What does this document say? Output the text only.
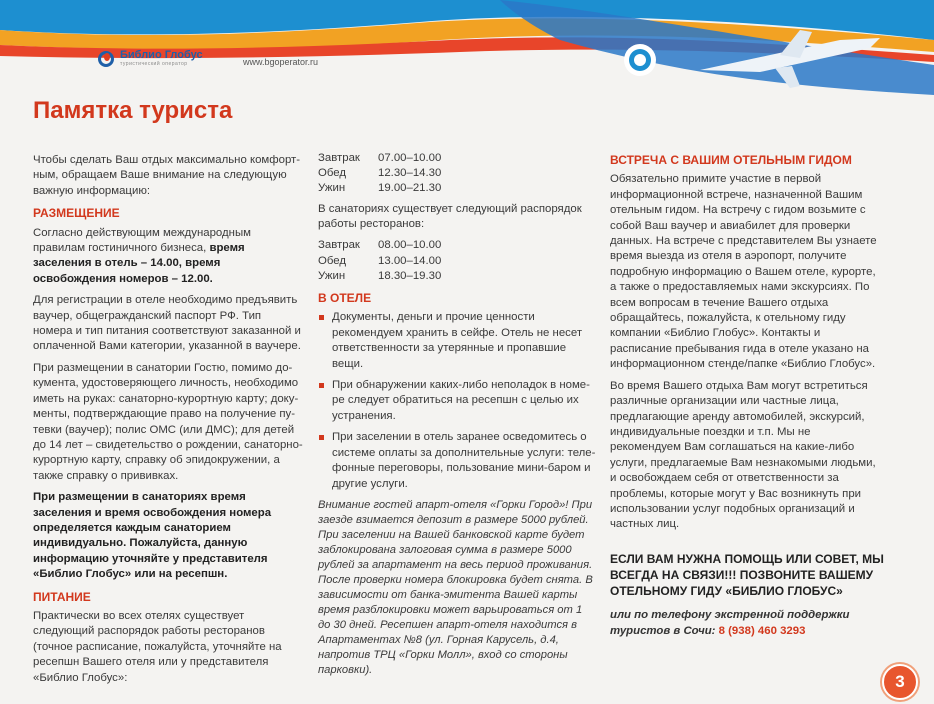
Библио Глобус
туристический оператор	www.bgoperator.ru
Памятка туриста

Чтобы сделать Ваш отдых максимально комфортным, обращаем Ваше внимание на следующую важную информацию:

РАЗМЕЩЕНИЕ

Согласно действующим международным правилам гостиничного бизнеса, время заселения в отель – 14.00, время освобождения номеров – 12.00.

Для регистрации в отеле необходимо предъявить ваучер, общегражданский паспорт РФ. Тип номера и тип питания соответствуют заказанной и оплаченной Вами категории, указанной в ваучере.

При размещении в санатории Гостю, помимо документа, удостоверяющего личность, необходимо иметь на руках: санаторно-курортную карту; документы, подтверждающие право на получение путевки (ваучер); полис ОМС (или ДМС); для детей до 14 лет – свидетельство о рождении, санаторно-курортную карту, справку об эпидокружении, а также справку о прививках.

При размещении в санаториях время заселения и время освобождения номера определяется каждым санаторием индивидуально. Пожалуйста, данную информацию уточняйте у представителя «Библио Глобус» или на ресепшн.

ПИТАНИЕ

Практически во всех отелях существует следующий распорядок работы ресторанов (точное расписание, пожалуйста, уточняйте на ресепшн Вашего отеля или у представителя «Библио Глобус»:

Завтрак	07.00–10.00
Обед	12.30–14.30
Ужин	19.00–21.30

В санаториях существует следующий распорядок работы ресторанов:

Завтрак	08.00–10.00
Обед	13.00–14.00
Ужин	18.30–19.30
В ОТЕЛЕ
Документы, деньги и прочие ценности рекомендуем хранить в сейфе. Отель не несет ответственности за утерянные и пропавшие вещи.
При обнаружении каких-либо неполадок в номере следует обратиться на ресепшн с целью их устранения.
При заселении в отель заранее осведомитесь о системе оплаты за дополнительные услуги: телефонные переговоры, пользование мини-баром и другие услуги.

Внимание гостей апарт-отеля «Горки Город»! При заезде взимается депозит в размере 5000 рублей. При заселении на Вашей банковской карте будет заблокирована залоговая сумма в размере 5000 рублей за апартамент на весь период проживания. После проверки номера блокировка будет снята. В зависимости от банка-эмитента Вашей карты время разблокировки может варьироваться от 1 до 30 дней. Ресепшен апарт-отеля находится в Апартаментах №8 (ул. Горная Карусель, д.4, напротив ТРЦ «Горки Молл», вход со стороны парковки).

ВСТРЕЧА С ВАШИМ ОТЕЛЬНЫМ ГИДОМ

Обязательно примите участие в первой информационной встрече, назначенной Вашим отельным гидом. На встречу с гидом возьмите с собой Ваш ваучер и авиабилет для проверки данных. На встрече с представителем Вы узнаете время выезда из отеля в аэропорт, получите подробную информацию о Вашем отеле, курорте, а также о предоставляемых нами экскурсиях. По всем вопросам в течение Вашего отдыха обращайтесь, пожалуйста, к отельному гиду компании «Библио Глобус». Контакты и расписание пребывания гида в отеле указано на информационном стенде/папке «Библио Глобус».

Во время Вашего отдыха Вам могут встретиться различные организации или частные лица, предлагающие аренду автомобилей, экскурсий, индивидуальные поездки и т.п. Мы не рекомендуем Вам соглашаться на какие-либо услуги, предлагаемые Вам незнакомыми людьми, и освобождаем себя от ответственности за проблемы, которые могут у Вас возникнуть при использовании услуг подобных организаций и частных лиц.

ЕСЛИ ВАМ НУЖНА ПОМОЩЬ ИЛИ СОВЕТ, МЫ ВСЕГДА НА СВЯЗИ!!! ПОЗВОНИТЕ ВАШЕМУ ОТЕЛЬНОМУ ГИДУ «БИБЛИО ГЛОБУС»
или по телефону экстренной поддержки туристов в Сочи: 8 (938) 460 3293
3
